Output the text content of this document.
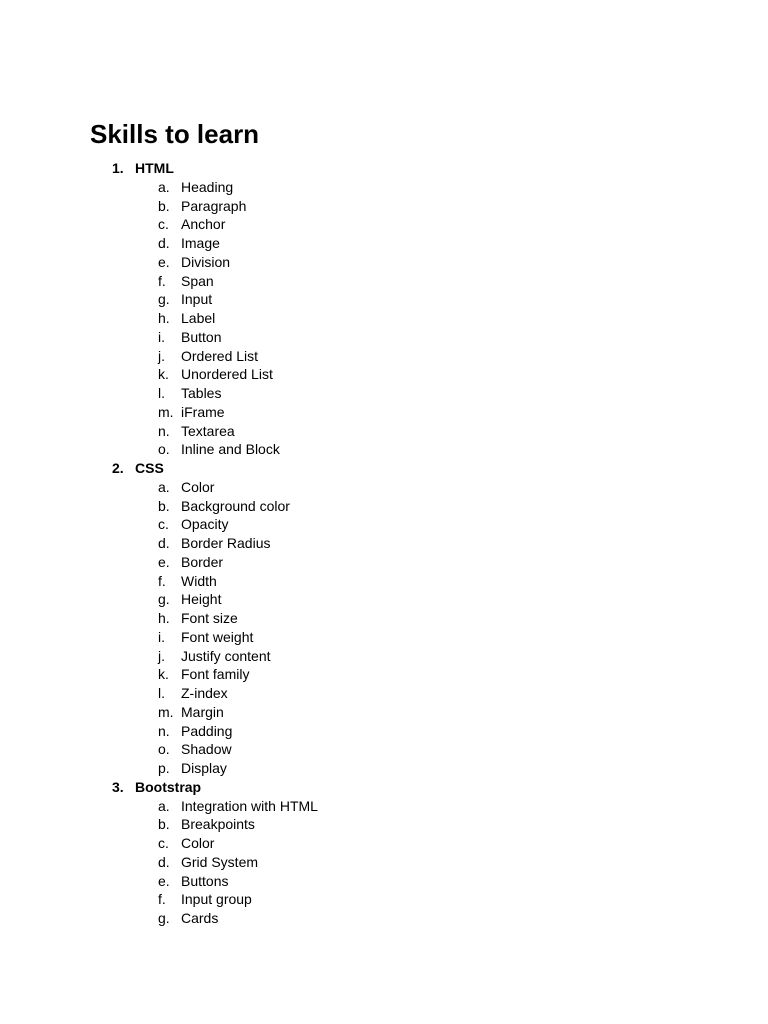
Skills to learn
1. HTML
a. Heading
b. Paragraph
c. Anchor
d. Image
e. Division
f. Span
g. Input
h. Label
i. Button
j. Ordered List
k. Unordered List
l. Tables
m. iFrame
n. Textarea
o. Inline and Block
2. CSS
a. Color
b. Background color
c. Opacity
d. Border Radius
e. Border
f. Width
g. Height
h. Font size
i. Font weight
j. Justify content
k. Font family
l. Z-index
m. Margin
n. Padding
o. Shadow
p. Display
3. Bootstrap
a. Integration with HTML
b. Breakpoints
c. Color
d. Grid System
e. Buttons
f. Input group
g. Cards
